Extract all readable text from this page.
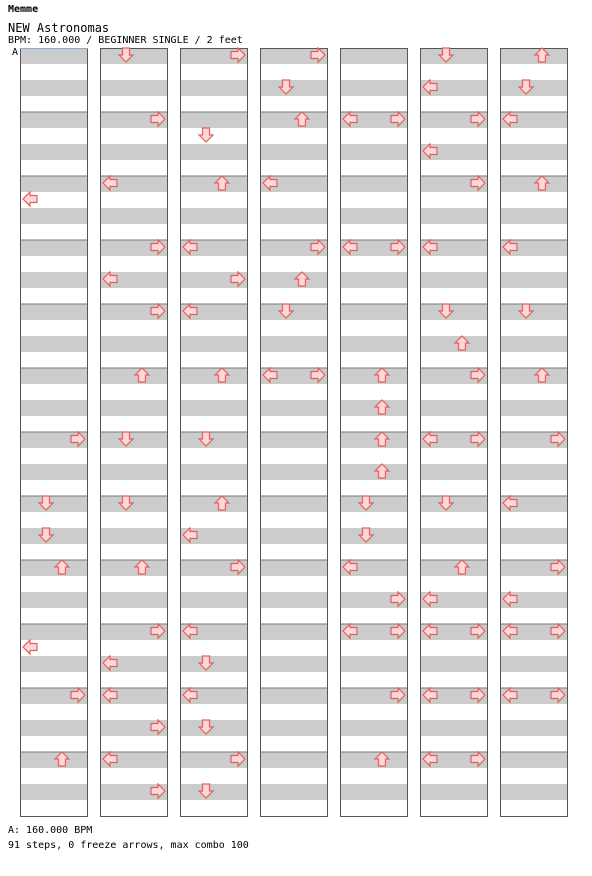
Memme
NEW Astronomas
BPM: 160.000 / BEGINNER SINGLE / 2 feet
A
A: 160.000 BPM
91 steps, 0 freeze arrows, max combo 100
